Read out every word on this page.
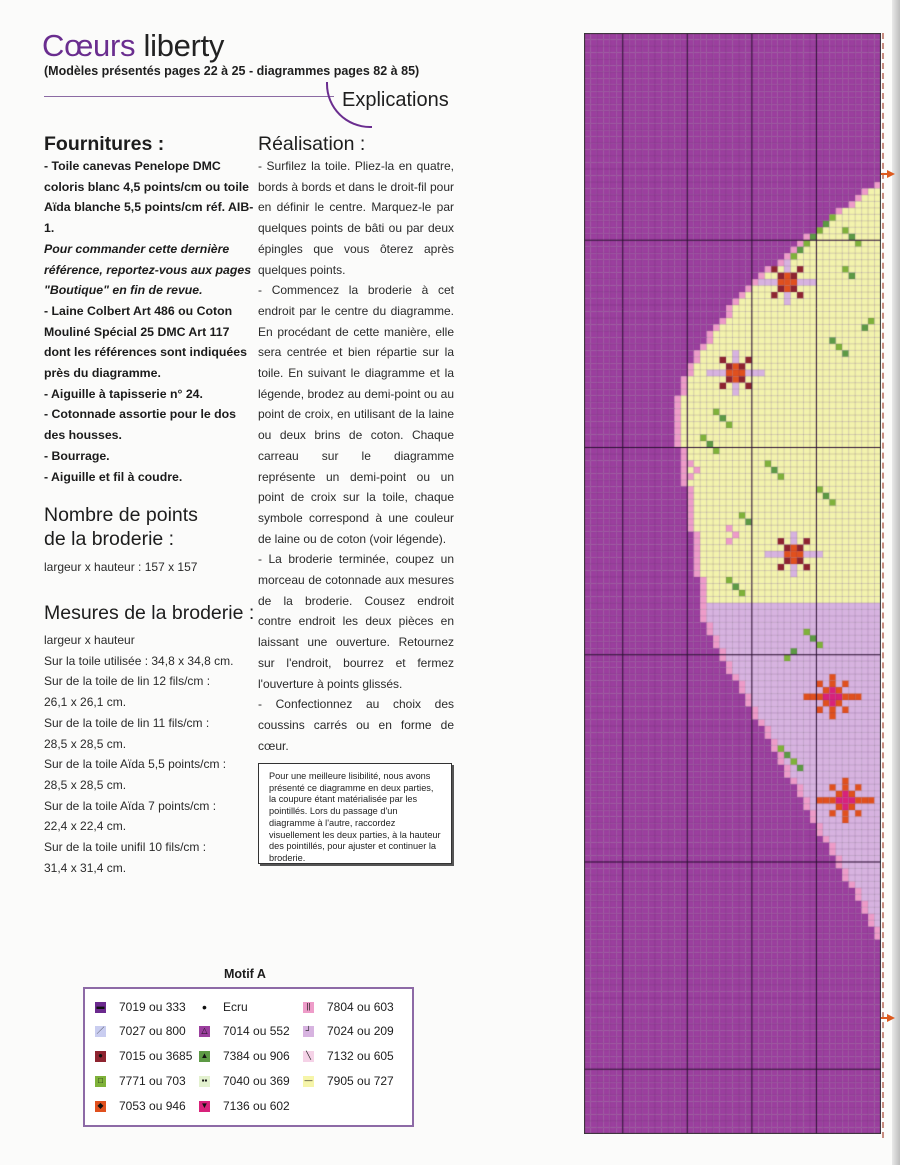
Cœurs liberty
(Modèles présentés pages 22 à 25 - diagrammes pages 82 à 85)
Explications
Fournitures :

- Toile canevas Penelope DMC coloris blanc 4,5 points/cm ou toile Aïda blanche 5,5 points/cm réf. AIB-1.

Pour commander cette dernière référence, reportez-vous aux pages "Boutique" en fin de revue.

- Laine Colbert Art 486 ou Coton Mouliné Spécial 25 DMC Art 117 dont les références sont indiquées près du diagramme.

- Aiguille à tapisserie n° 24.

- Cotonnade assortie pour le dos des housses.

- Bourrage.

- Aiguille et fil à coudre.

Nombre de points
de la broderie :
largeur x hauteur : 157 x 157
Mesures de la broderie :

largeur x hauteur

Sur la toile utilisée : 34,8 x 34,8 cm.

Sur de la toile de lin 12 fils/cm :

26,1 x 26,1 cm.

Sur de la toile de lin 11 fils/cm :

28,5 x 28,5 cm.

Sur de la toile Aïda 5,5 points/cm :

28,5 x 28,5 cm.

Sur de la toile Aïda 7 points/cm :

22,4 x 22,4 cm.

Sur de la toile unifil 10 fils/cm :

31,4 x 31,4 cm.

Réalisation :

- Surfilez la toile. Pliez-la en quatre, bords à bords et dans le droit-fil pour en définir le centre. Marquez-le par quelques points de bâti ou par deux épingles que vous ôterez après quelques points.

- Commencez la broderie à cet endroit par le centre du diagramme. En procédant de cette manière, elle sera centrée et bien répartie sur la toile. En suivant le diagramme et la légende, brodez au demi-point ou au point de croix, en utilisant de la laine ou deux brins de coton. Chaque carreau sur le diagramme représente un demi-point ou un point de croix sur la toile, chaque symbole correspond à une couleur de laine ou de coton (voir légende).

- La broderie terminée, coupez un morceau de cotonnade aux mesures de la broderie. Cousez endroit contre endroit les deux pièces en laissant une ouverture. Retournez sur l'endroit, bourrez et fermez l'ouverture à points glissés.

- Confectionnez au choix des coussins carrés ou en forme de cœur.

Pour une meilleure lisibilité, nous avons présenté ce diagramme en deux parties, la coupure étant matérialisée par les pointillés. Lors du passage d'un diagramme à l'autre, raccordez visuellement les deux parties, à la hauteur des pointillés, pour ajuster et continuer la broderie.
Motif A
▬ 7019 ou 333
／ 7027 ou 800
● 7015 ou 3685
□ 7771 ou 703
◆ 7053 ou 946
• Ecru
△ 7014 ou 552
▲ 7384 ou 906
▪▪ 7040 ou 369
▼ 7136 ou 602
|| 7804 ou 603
┘ 7024 ou 209
╲ 7132 ou 605
— 7905 ou 727
